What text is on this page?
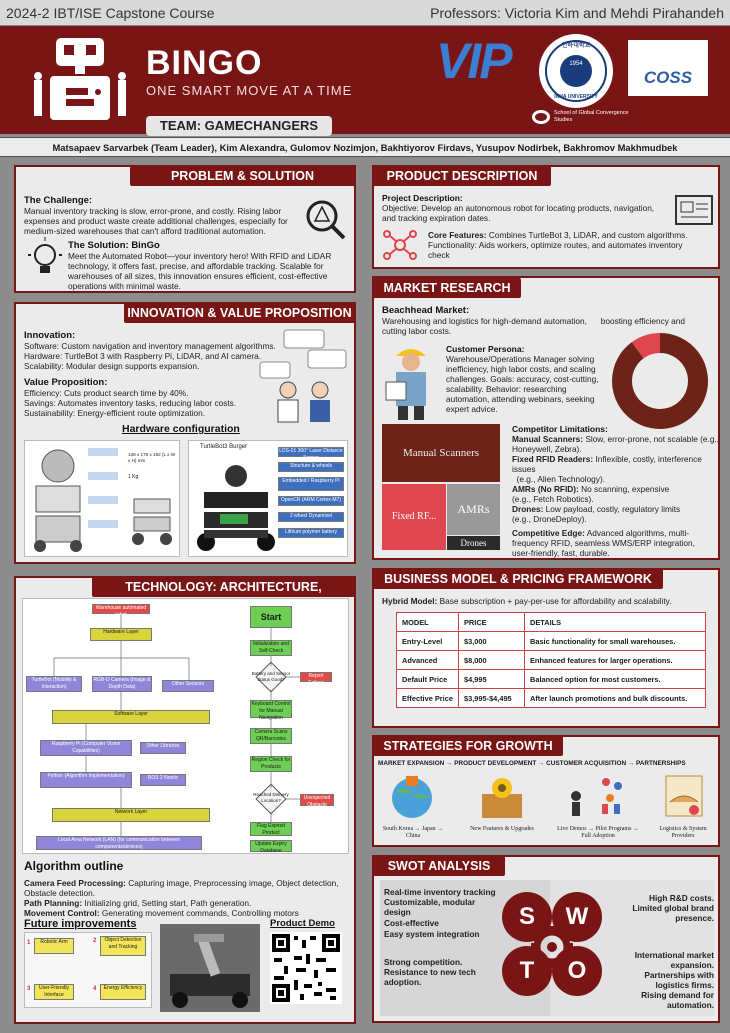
2024-2 IBT/ISE Capstone Course	Professors: Victoria Kim and Mehdi Pirahandeh
BINGO
ONE SMART MOVE AT A TIME
VIP	인하대학교
1954
INHA UNIVERSITY
COSS
School of Global Convergence Studies
TEAM: GAMECHANGERS
Matsapaev Sarvarbek (Team Leader), Kim Alexandra, Gulomov Nozimjon, Bakhtiyorov Firdavs, Yusupov Nodirbek, Bakhromov Makhmudbek
PROBLEM & SOLUTION
The Challenge:
Manual inventory tracking is slow, error-prone, and costly. Rising labor
expenses and product waste create additional challenges, especially for
medium-sized warehouses that can't afford traditional automation.
The Solution: BinGo
Meet the Automated Robot—your inventory hero! With RFID and LiDAR
technology, it offers fast, precise, and affordable tracking. Scalable for
warehouses of all sizes, this innovation ensures efficient, cost-effective
operations with minimal waste.
INNOVATION & VALUE PROPOSITION
Innovation:
Software: Custom navigation and inventory management algorithms.
Hardware: TurtleBot 3 with Raspberry Pi, LiDAR, and AI camera.
Scalability: Modular design supports expansion.
Value Proposition:
Efficiency: Cuts product search time by 40%.
Savings: Automates inventory tasks, reducing labor costs.
Sustainability: Energy-efficient route optimization.
Hardware configuration
138 x 178 x 192 (L x W x H) mm
1 Kg
TurtleBot3 Burger
LDS-01 360° Laser Distance Sensor
Structure & wheels
Embedded / Raspberry Pi
OpenCR (ARM Cortex-M7)
2 wheel Dynamixel
Lithium polymer battery
TECHNOLOGY: ARCHITECTURE,
Warehouse automated robot
Hardware Layer
TurtleBot (Mobility & Interaction)
RGB-D Camera (Image & Depth Data)	Other Sensors
Software Layer
Raspberry Pi (Computer Vision Capabilities)
Other Libraries
Python (Algorithm Implementation)	ROS 2 Noetic
Network Layer
Local Area Network (LAN) (for communication between components/devices)
Start
Initialization and Self-Check
Battery and Sensor Status Good?
Report Failure
Keyboard Control for Manual Navigation
Camera Scans QR/Barcodes
Region Check for Products
Reached Delivery Location?	Unexpected Obstacle
Flag Expired Product
Update Expiry Database
Algorithm outline
Camera Feed Processing: Capturing image, Preprocessing image, Object detection, Obstacle detection.
Path Planning: Initializing grid, Setting start, Path generation.
Movement Control: Generating movement commands, Controlling motors
Future improvements
Robotic Arm	Object Detection and Tracking
User-Friendly Interface
Energy Efficiency
1	2
3	4
Product Demo
PRODUCT DESCRIPTION
Project Description:
Objective: Develop an autonomous robot for locating products, navigation,
and tracking expiration dates.
Core Features: Combines TurtleBot 3, LiDAR, and custom algorithms.
Functionality: Aids workers, optimize routes, and automates inventory
check
MARKET RESEARCH
Beachhead Market:
Warehousing and logistics for high-demand automation,      boosting efficiency and
cutting labor costs.
Customer Persona:
Warehouse/Operations Manager solving
inefficiency, high labor costs, and scaling
challenges. Goals: accuracy, cost-cutting,
scalability. Behavior: researching
automation, attending webinars, seeking
expert advice.
Manual Scanners
Fixed RF...
AMRs
Drones
Competitor Limitations:
Manual Scanners: Slow, error-prone, not scalable (e.g.,
Honeywell, Zebra).
Fixed RFID Readers: Inflexible, costly, interference
issues
(e.g., Alien Technology).
AMRs (No RFID): No scanning, expensive
(e.g., Fetch Robotics).
Drones: Low payload, costly, regulatory limits
(e.g., DroneDeploy).
Competitive Edge: Advanced algorithms, multi-
frequency RFID, seamless WMS/ERP integration,
user-friendly, fast, durable.
BUSINESS MODEL & PRICING FRAMEWORK
Hybrid Model: Base subscription + pay-per-use for affordability and scalability.
MODEL	PRICE	DETAILS
Entry-Level	$3,000	Basic functionality for small warehouses.
Advanced	$8,000	Enhanced features for larger operations.
Default Price	$4,995	Balanced option for most customers.
Effective Price	$3,995-$4,495	After launch promotions and bulk discounts.
STRATEGIES FOR GROWTH
MARKET EXPANSION → PRODUCT DEVELOPMENT → CUSTOMER ACQUISITION → PARTNERSHIPS
South Korea → Japan → China
New Features & Upgrades	Live Demos → Pilot Programs → Full Adoption
Logistics & System Providers
SWOT ANALYSIS
S	W
O
T
Real-time inventory tracking
Customizable, modular
design
Cost-effective
Easy system integration
High R&D costs.
Limited global brand
presence.
Strong competition.
Resistance to new tech
adoption.
International market
expansion.
Partnerships with
logistics firms.
Rising demand for
automation.
